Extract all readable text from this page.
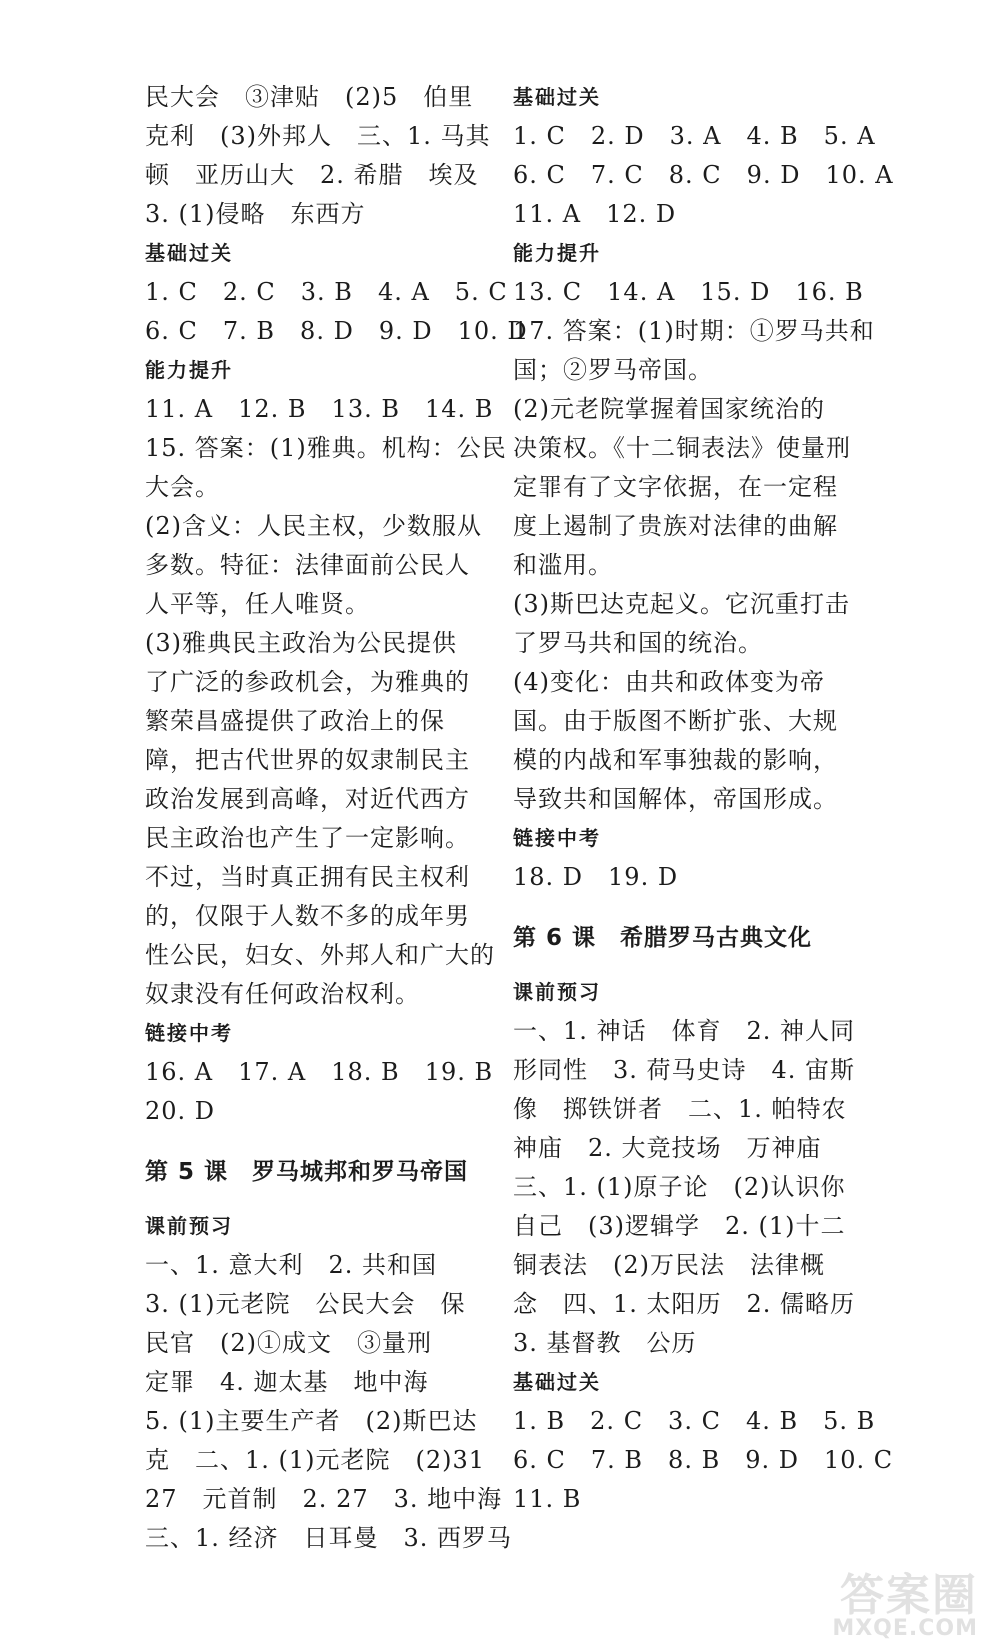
民大会　③津贴　(2)5　伯里
克利　(3)外邦人　三、1. 马其
顿　亚历山大　2. 希腊　埃及
3. (1)侵略　东西方
基础过关
1. C　2. C　3. B　4. A　5. C
6. C　7. B　8. D　9. D　10. D
能力提升
11. A　12. B　13. B　14. B
15. 答案：(1)雅典。机构：公民
大会。
(2)含义：人民主权，少数服从
多数。特征：法律面前公民人
人平等，任人唯贤。
(3)雅典民主政治为公民提供
了广泛的参政机会，为雅典的
繁荣昌盛提供了政治上的保
障，把古代世界的奴隶制民主
政治发展到高峰，对近代西方
民主政治也产生了一定影响。
不过，当时真正拥有民主权利
的，仅限于人数不多的成年男
性公民，妇女、外邦人和广大的
奴隶没有任何政治权利。
链接中考
16. A　17. A　18. B　19. B
20. D
第 5 课　罗马城邦和罗马帝国
课前预习
一、1. 意大利　2. 共和国
3. (1)元老院　公民大会　保
民官　(2)①成文　③量刑
定罪　4. 迦太基　地中海
5. (1)主要生产者　(2)斯巴达
克　二、1. (1)元老院　(2)31
27　元首制　2. 27　3. 地中海
三、1. 经济　日耳曼　3. 西罗马
基础过关
1. C　2. D　3. A　4. B　5. A
6. C　7. C　8. C　9. D　10. A
11. A　12. D
能力提升
13. C　14. A　15. D　16. B
17. 答案：(1)时期：①罗马共和
国；②罗马帝国。
(2)元老院掌握着国家统治的
决策权。《十二铜表法》使量刑
定罪有了文字依据，在一定程
度上遏制了贵族对法律的曲解
和滥用。
(3)斯巴达克起义。它沉重打击
了罗马共和国的统治。
(4)变化：由共和政体变为帝
国。由于版图不断扩张、大规
模的内战和军事独裁的影响，
导致共和国解体，帝国形成。
链接中考
18. D　19. D
第 6 课　希腊罗马古典文化
课前预习
一、1. 神话　体育　2. 神人同
形同性　3. 荷马史诗　4. 宙斯
像　掷铁饼者　二、1. 帕特农
神庙　2. 大竞技场　万神庙
三、1. (1)原子论　(2)认识你
自己　(3)逻辑学　2. (1)十二
铜表法　(2)万民法　法律概
念　四、1. 太阳历　2. 儒略历
3. 基督教　公历
基础过关
1. B　2. C　3. C　4. B　5. B
6. C　7. B　8. B　9. D　10. C
11. B
答案圈
MXQE.COM
